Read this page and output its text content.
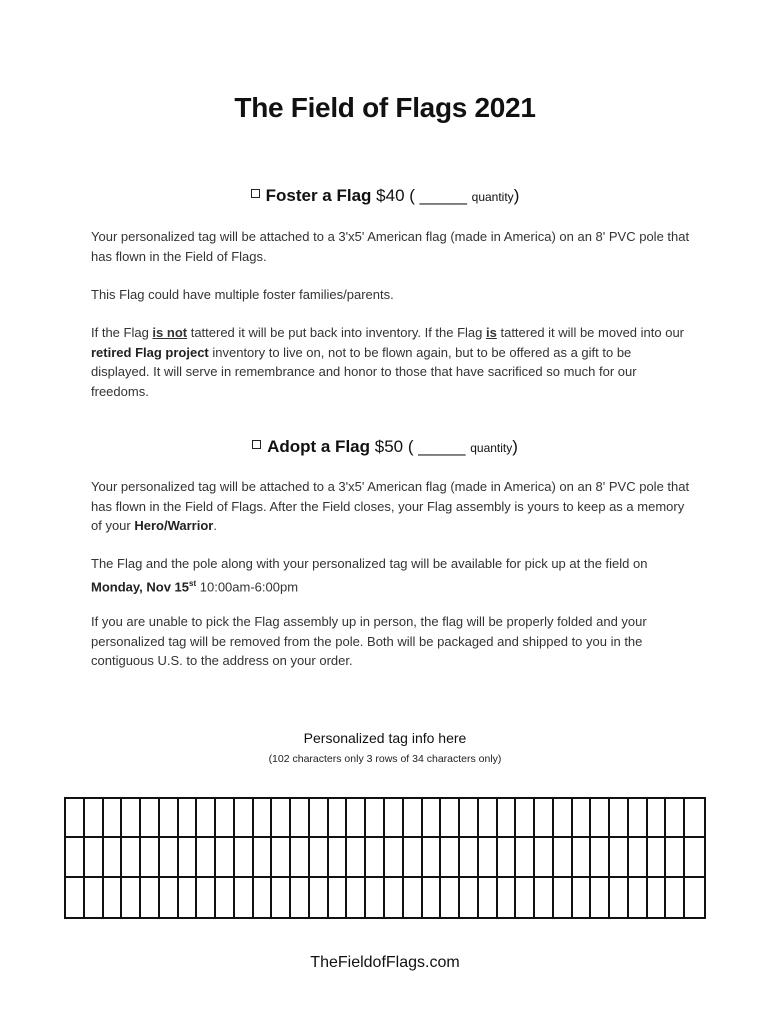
The Field of Flags 2021
Foster a Flag $40 ( _____ quantity)
Your personalized tag will be attached to a 3'x5' American flag (made in America) on an 8' PVC pole that has flown in the Field of Flags.
This Flag could have multiple foster families/parents.
If the Flag is not tattered it will be put back into inventory. If the Flag is tattered it will be moved into our retired Flag project inventory to live on, not to be flown again, but to be offered as a gift to be displayed. It will serve in remembrance and honor to those that have sacrificed so much for our freedoms.
Adopt a Flag $50 ( _____ quantity)
Your personalized tag will be attached to a 3'x5' American flag (made in America) on an 8' PVC pole that has flown in the Field of Flags. After the Field closes, your Flag assembly is yours to keep as a memory of your Hero/Warrior.
The Flag and the pole along with your personalized tag will be available for pick up at the field on Monday, Nov 15st 10:00am-6:00pm
If you are unable to pick the Flag assembly up in person, the flag will be properly folded and your personalized tag will be removed from the pole. Both will be packaged and shipped to you in the contiguous U.S. to the address on your order.
Personalized tag info here
(102 characters only 3 rows of 34 characters only)
TheFieldofFlags.com
